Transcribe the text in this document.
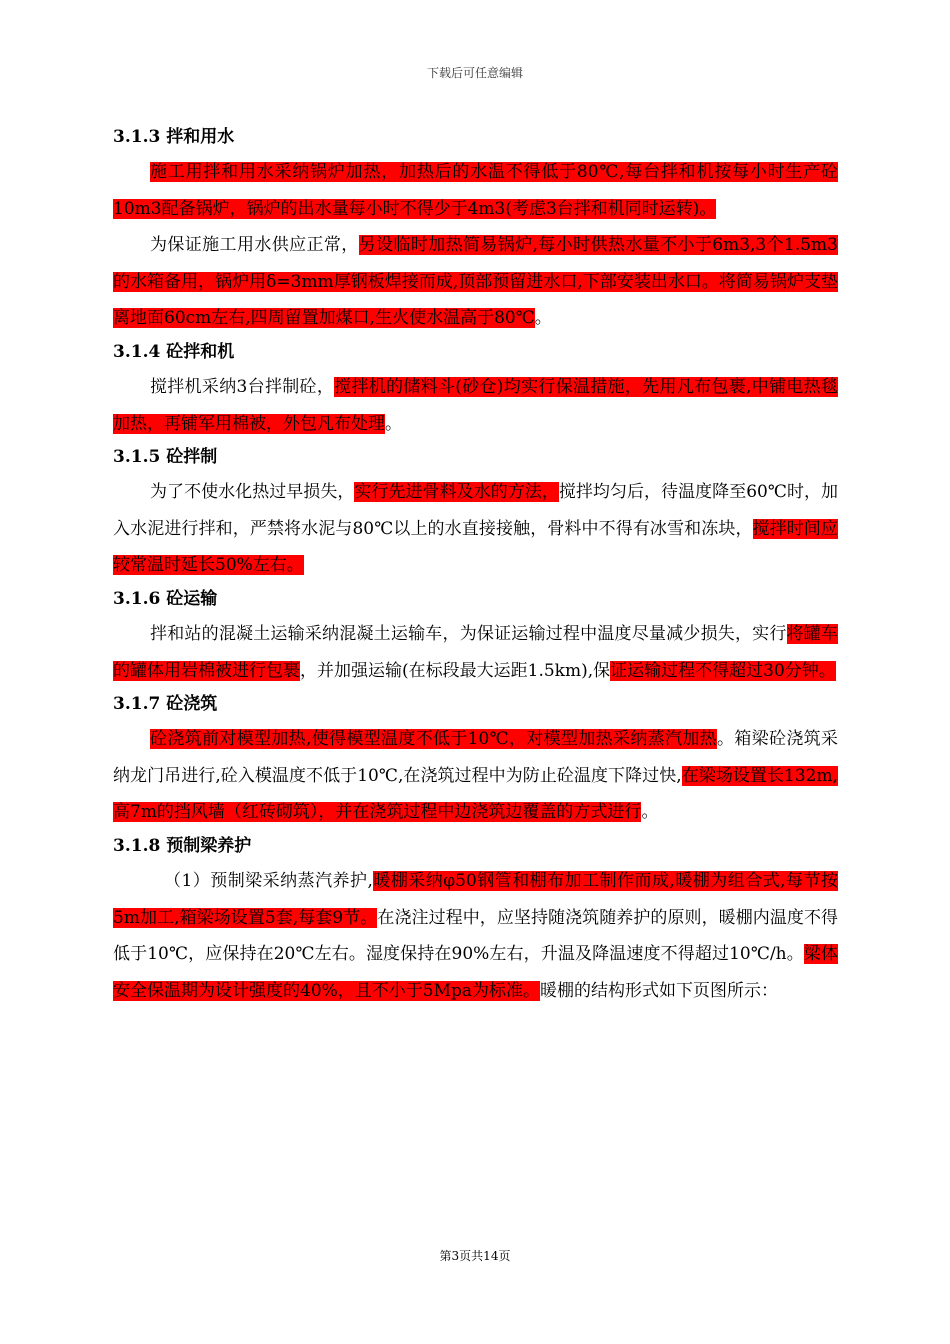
下载后可任意编辑
3.1.3 拌和用水

施工用拌和用水采纳锅炉加热，加热后的水温不得低于80℃,每台拌和机按每小时生产砼10m3配备锅炉，锅炉的出水量每小时不得少于4m3(考虑3台拌和机同时运转)。

为保证施工用水供应正常，另设临时加热简易锅炉,每小时供热水量不小于6m3,3个1.5m3的水箱备用，锅炉用δ=3mm厚钢板焊接而成,顶部预留进水口,下部安装出水口。将简易锅炉支垫离地面60cm左右,四周留置加煤口,生火使水温高于80℃。

3.1.4 砼拌和机

搅拌机采纳3台拌制砼，搅拌机的储料斗(砂仓)均实行保温措施，先用凡布包裹,中铺电热毯加热，再铺军用棉被，外包凡布处理。

3.1.5 砼拌制

为了不使水化热过早损失，实行先进骨料及水的方法，搅拌均匀后，待温度降至60℃时，加入水泥进行拌和，严禁将水泥与80℃以上的水直接接触，骨料中不得有冰雪和冻块，搅拌时间应较常温时延长50%左右。

3.1.6 砼运输

拌和站的混凝土运输采纳混凝土运输车，为保证运输过程中温度尽量减少损失，实行将罐车的罐体用岩棉被进行包裹，并加强运输(在标段最大运距1.5km),保证运输过程不得超过30分钟。

3.1.7 砼浇筑

砼浇筑前对模型加热,使得模型温度不低于10℃，对模型加热采纳蒸汽加热。箱梁砼浇筑采纳龙门吊进行,砼入模温度不低于10℃,在浇筑过程中为防止砼温度下降过快,在梁场设置长132m,高7m的挡风墙（红砖砌筑），并在浇筑过程中边浇筑边覆盖的方式进行。

3.1.8 预制梁养护

（1）预制梁采纳蒸汽养护,暖棚采纳φ50钢管和棚布加工制作而成,暖棚为组合式,每节按5m加工,箱梁场设置5套,每套9节。在浇注过程中，应坚持随浇筑随养护的原则，暖棚内温度不得低于10℃，应保持在20℃左右。湿度保持在90%左右，升温及降温速度不得超过10℃/h。梁体安全保温期为设计强度的40%，且不小于5Mpa为标准。暖棚的结构形式如下页图所示：

第3页共14页
